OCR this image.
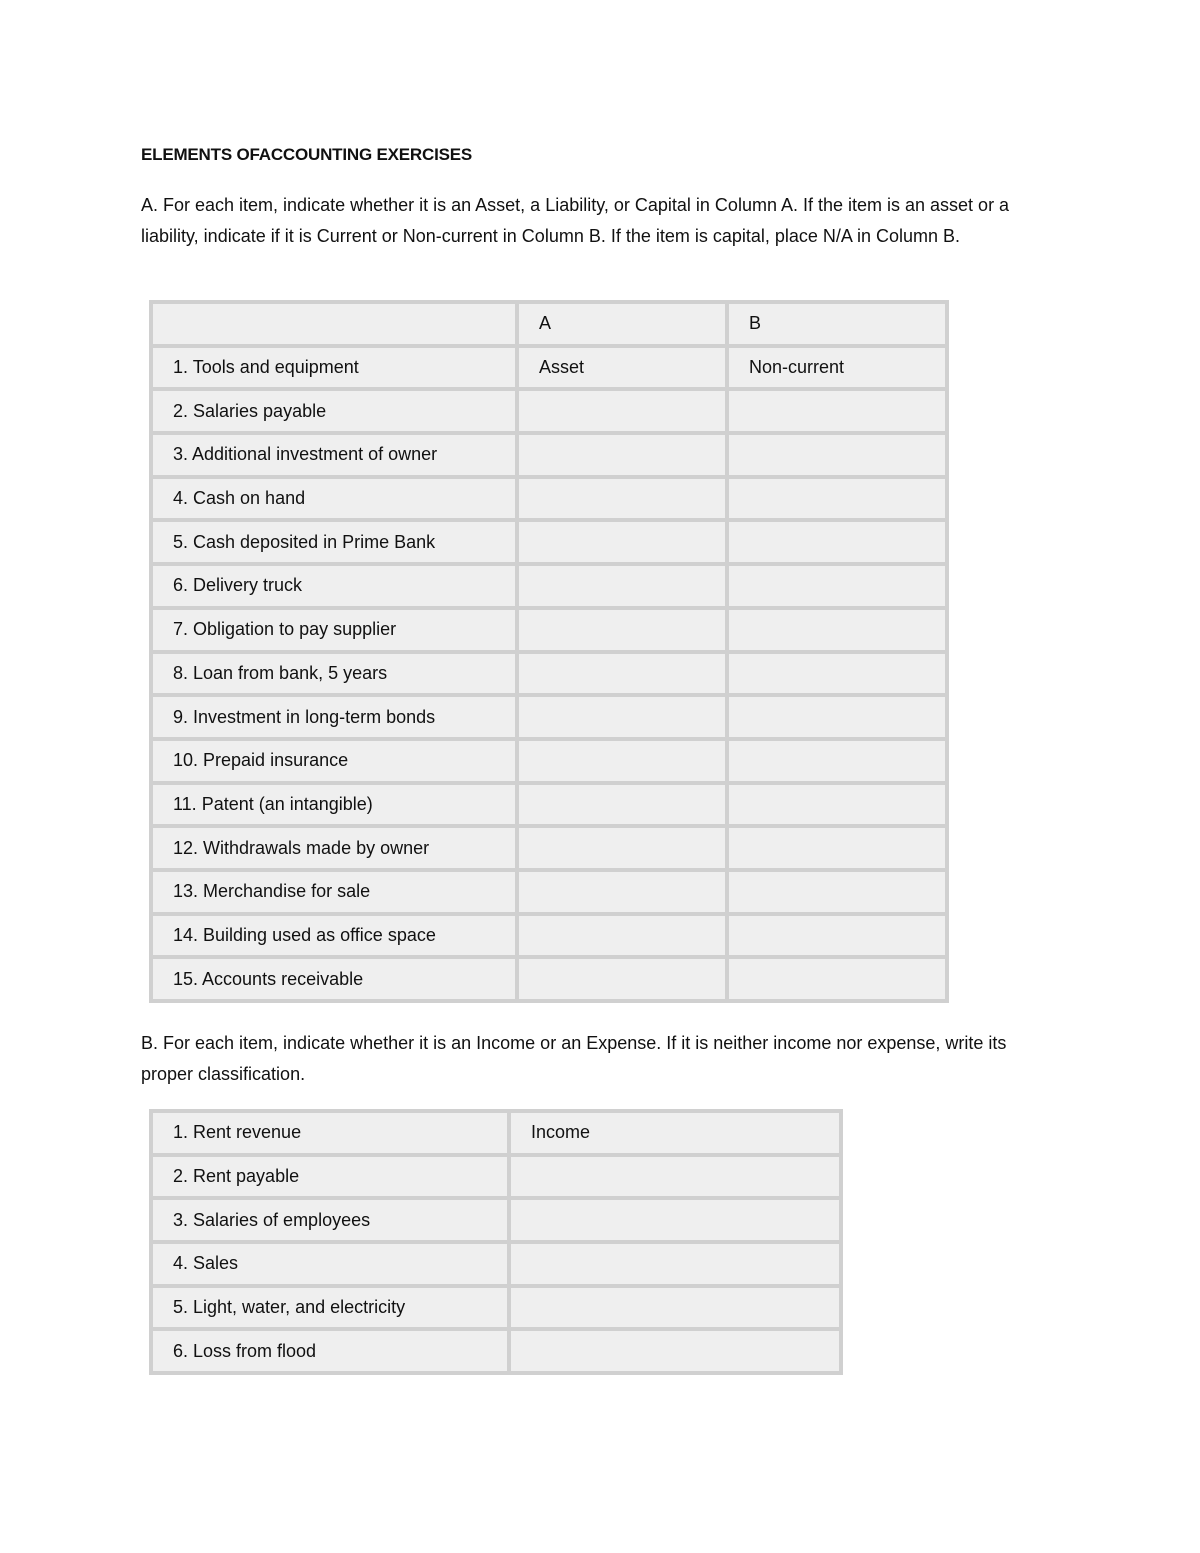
ELEMENTS OFACCOUNTING EXERCISES
A. For each item, indicate whether it is an Asset, a Liability, or Capital in Column A. If the item is an asset or a liability, indicate if it is Current or Non-current in Column B. If the item is capital, place N/A in Column B.
	A	B
1. Tools and equipment	Asset	Non-current
2. Salaries payable		
3. Additional investment of owner		
4. Cash on hand		
5. Cash deposited in Prime Bank		
6. Delivery truck		
7. Obligation to pay supplier		
8. Loan from bank, 5 years		
9. Investment in long-term bonds		
10. Prepaid insurance		
11. Patent (an intangible)		
12. Withdrawals made by owner		
13. Merchandise for sale		
14. Building used as office space		
15. Accounts receivable		
B. For each item, indicate whether it is an Income or an Expense. If it is neither income nor expense, write its proper classification.
1. Rent revenue	Income
2. Rent payable	
3. Salaries of employees	
4. Sales	
5. Light, water, and electricity	
6. Loss from flood	
